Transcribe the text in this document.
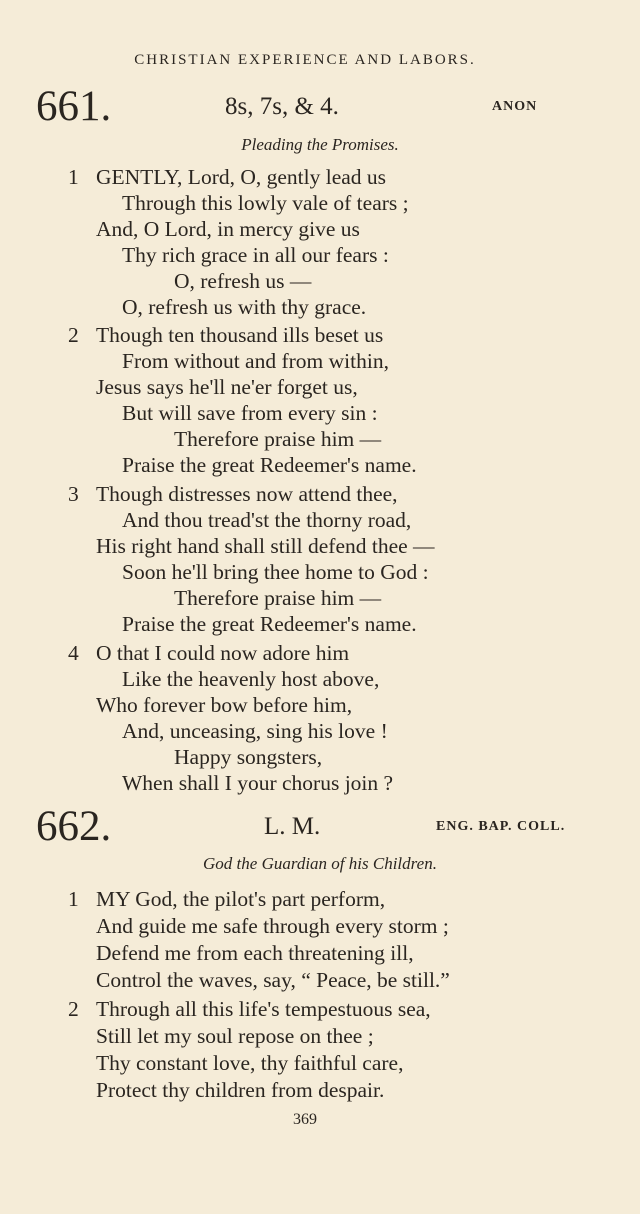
CHRISTIAN EXPERIENCE AND LABORS.
661.	8s, 7s, & 4.	ANON
Pleading the Promises.
1 GENTLY, Lord, O, gently lead us
Through this lowly vale of tears ;
And, O Lord, in mercy give us
Thy rich grace in all our fears :
O, refresh us —
O, refresh us with thy grace.
2 Though ten thousand ills beset us
From without and from within,
Jesus says he'll ne'er forget us,
But will save from every sin :
Therefore praise him —
Praise the great Redeemer's name.
3 Though distresses now attend thee,
And thou tread'st the thorny road,
His right hand shall still defend thee —
Soon he'll bring thee home to God :
Therefore praise him —
Praise the great Redeemer's name.
4 O that I could now adore him
Like the heavenly host above,
Who forever bow before him,
And, unceasing, sing his love !
Happy songsters,
When shall I your chorus join ?
662.	L. M.	ENG. BAP. COLL.
God the Guardian of his Children.
1 MY God, the pilot's part perform,
And guide me safe through every storm ;
Defend me from each threatening ill,
Control the waves, say, “ Peace, be still.”
2 Through all this life's tempestuous sea,
Still let my soul repose on thee ;
Thy constant love, thy faithful care,
Protect thy children from despair.
369
